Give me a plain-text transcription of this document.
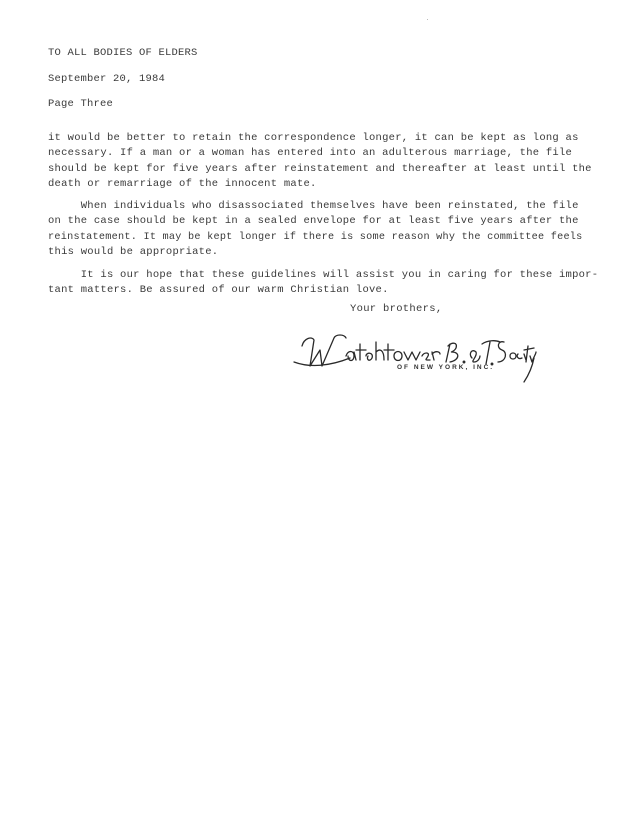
TO ALL BODIES OF ELDERS
September 20, 1984
Page Three
it would be better to retain the correspondence longer, it can be kept as long as
necessary. If a man or a woman has entered into an adulterous marriage, the file
should be kept for five years after reinstatement and thereafter at least until the
death or remarriage of the innocent mate.
When individuals who disassociated themselves have been reinstated, the file
on the case should be kept in a sealed envelope for at least five years after the
reinstatement. It may be kept longer if there is some reason why the committee feels
this would be appropriate.
It is our hope that these guidelines will assist you in caring for these impor-
tant matters. Be assured of our warm Christian love.
Your brothers,
OF NEW YORK, INC.
